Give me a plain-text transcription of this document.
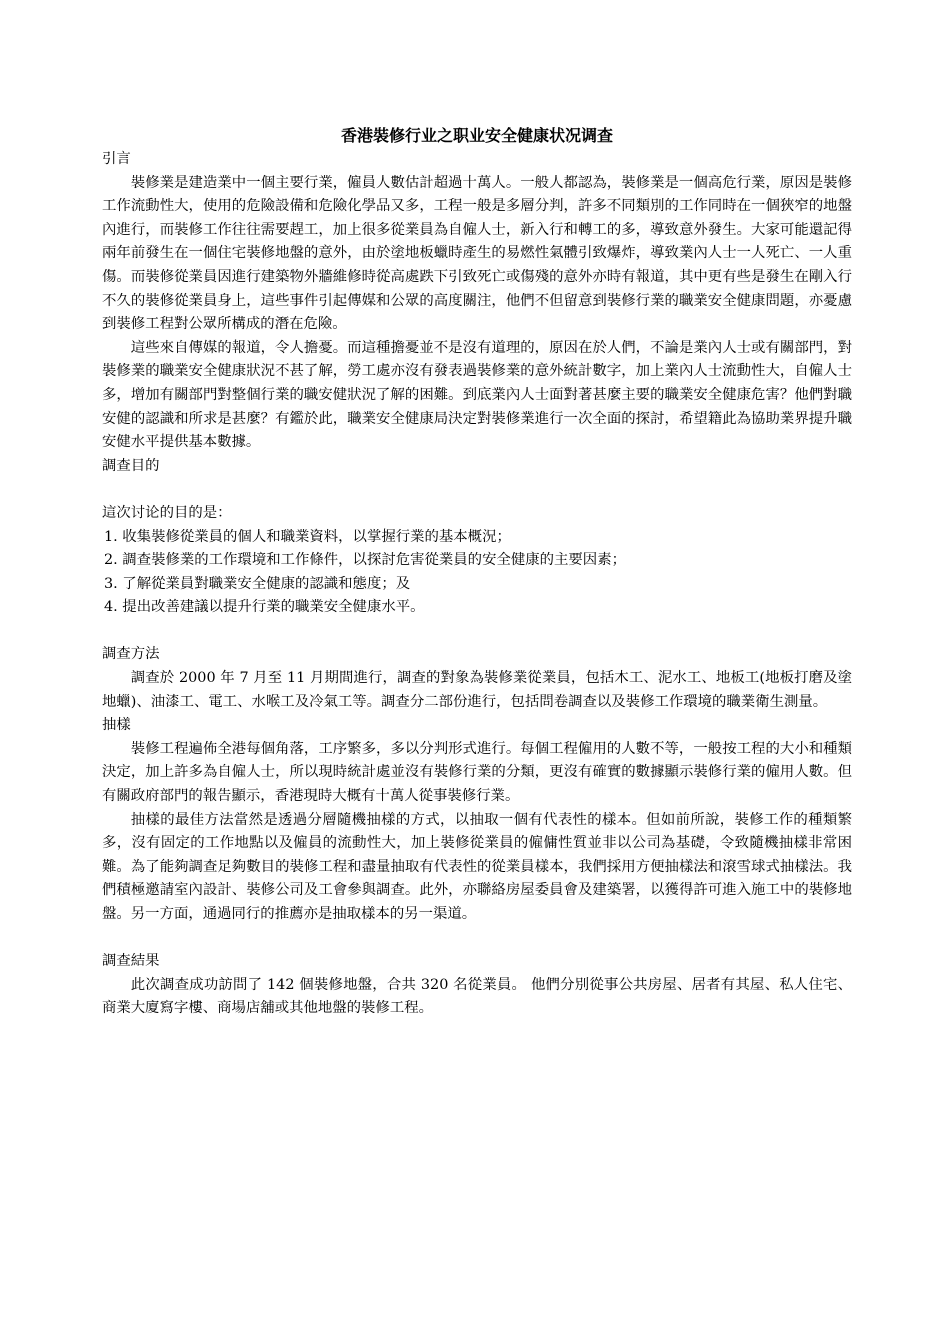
香港裝修行业之职业安全健康状况调查

引言

裝修業是建造業中一個主要行業，僱員人數估計超過十萬人。一般人都認為，裝修業是一個高危行業，原因是裝修工作流動性大，使用的危險設備和危險化學品又多，工程一般是多層分判，許多不同類別的工作同時在一個狹窄的地盤內進行，而裝修工作往往需要趕工，加上很多從業員為自僱人士，新入行和轉工的多，導致意外發生。大家可能還記得兩年前發生在一個住宅裝修地盤的意外，由於塗地板蠟時產生的易燃性氣體引致爆炸，導致業內人士一人死亡、一人重傷。而裝修從業員因進行建築物外牆維修時從高處跌下引致死亡或傷殘的意外亦時有報道，其中更有些是發生在剛入行不久的裝修從業員身上，這些事件引起傳媒和公眾的高度關注，他們不但留意到裝修行業的職業安全健康問題，亦憂慮到裝修工程對公眾所構成的潛在危險。

這些來自傳媒的報道，令人擔憂。而這種擔憂並不是沒有道理的，原因在於人們，不論是業內人士或有關部門，對裝修業的職業安全健康狀況不甚了解，勞工處亦沒有發表過裝修業的意外統計數字，加上業內人士流動性大，自僱人士多，增加有關部門對整個行業的職安健狀況了解的困難。到底業內人士面對著甚麼主要的職業安全健康危害？他們對職安健的認識和所求是甚麼？有鑑於此，職業安全健康局決定對裝修業進行一次全面的探討，希望籍此為協助業界提升職安健水平提供基本數據。

調查目的

這次讨论的目的是：

1. 收集裝修從業員的個人和職業資料，以掌握行業的基本概況；
2. 調查裝修業的工作環境和工作條件，以探討危害從業員的安全健康的主要因素；
3. 了解從業員對職業安全健康的認識和態度；及
4. 提出改善建議以提升行業的職業安全健康水平。

調查方法

調查於 2000 年 7 月至 11 月期間進行，調查的對象為裝修業從業員，包括木工、泥水工、地板工(地板打磨及塗地蠟)、油漆工、電工、水喉工及冷氣工等。調查分二部份進行，包括問卷調查以及裝修工作環境的職業衛生測量。

抽樣

裝修工程遍佈全港每個角落，工序繁多，多以分判形式進行。每個工程僱用的人數不等，一般按工程的大小和種類決定，加上許多為自僱人士，所以現時統計處並沒有裝修行業的分類，更沒有確實的數據顯示裝修行業的僱用人數。但有關政府部門的報告顯示，香港現時大概有十萬人從事裝修行業。

抽樣的最佳方法當然是透過分層隨機抽樣的方式，以抽取一個有代表性的樣本。但如前所說，裝修工作的種類繁多，沒有固定的工作地點以及僱員的流動性大，加上裝修從業員的僱傭性質並非以公司為基礎，令致隨機抽樣非常困難。為了能夠調查足夠數目的裝修工程和盡量抽取有代表性的從業員樣本，我們採用方便抽樣法和滾雪球式抽樣法。我們積極邀請室內設計、裝修公司及工會參與調查。此外，亦聯絡房屋委員會及建築署，以獲得許可進入施工中的裝修地盤。另一方面，通過同行的推薦亦是抽取樣本的另一渠道。

調查結果

此次調查成功訪問了 142 個裝修地盤，合共 320 名從業員。 他們分別從事公共房屋、居者有其屋、私人住宅、商業大廈寫字樓、商場店舖或其他地盤的裝修工程。
